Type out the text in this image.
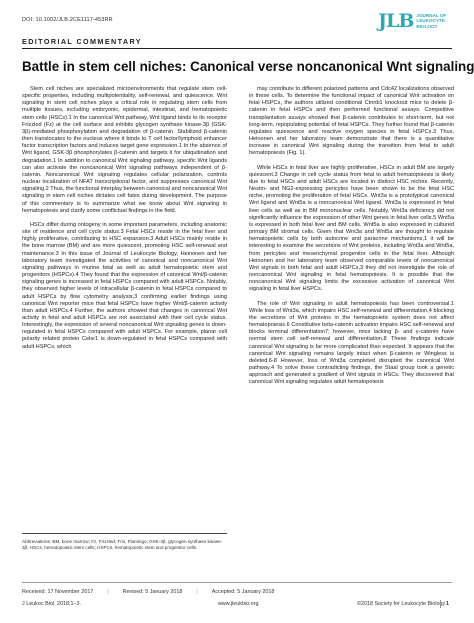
DOI: 10.1002/JLB.2CE1117-453RR	JLB JOURNAL OF
LEUKOCYTE
BIOLOGY
EDITORIAL COMMENTARY
Battle in stem cell niches: Canonical verse noncanonical Wnt signaling

Stem cell niches are specialized microenvironments that regulate stem cell-specific properties, including multipotentiality, self-renewal, and quiescence. Wnt signaling in stem cell niches plays a critical role in regulating stem cells from multiple tissues, including embryonic, epidermal, intestinal, and hematopoietic stem cells (HSCs).1 In the canonical Wnt pathway, Wnt ligand binds to its receptor Frizzled (Fz) at the cell surface and inhibits glycogen synthase kinase-3β (GSK-3β)-mediated phosphorylation and degradation of β-catenin. Stabilized β-catenin then translocates to the nucleus where it binds to T cell factor/lymphoid enhancer factor transcription factors and induces target gene expression.1 In the absence of Wnt ligand, GSK-3β phosphorylates β-catenin and targets it for ubiquitination and degradation.1 In addition to canonical Wnt signaling pathway, specific Wnt ligands can also activate the noncanonical Wnt signaling pathways independent of β-catenin. Noncanonical Wnt signaling regulates cellular polarization, controls nuclear localization of NFAT transcriptional factor, and suppresses canonical Wnt signaling.2 Thus, the functional interplay between canonical and noncanonical Wnt signaling in stem cell niches dictates cell fates during development. The purpose of this commentary is to summarize what we know about Wnt signaling in hematopoiesis and clarify some conflictual findings in the field.

HSCs differ during ontogeny in some important parameters, including anatomic site of residence and cell cycle status.3 Fetal HSCs reside in the fetal liver and highly proliferative, contributing to HSC expansion.3 Adult HSCs mainly reside in the bone marrow (BM) and are more quiescent, promoting HSC self-renewal and maintenance.3 In this issue of Journal of Leukocyte Biology, Heinonen and her laboratory team investigated the activities of canonical and noncanonical Wnt signaling pathways in murine fetal as well as adult hematopoietic stem and progenitors (HSPCs).4 They found that the expression of canonical Wnt/β-catenin signaling genes is increased in fetal HSPCs compared with adult HSPCs. Notably, they observed higher levels of intracellular β-catenin in fetal HSPCs compared to adult HSPCs by flow cytometry analysis,3 confirming earlier findings using canonical Wnt reporter mice that fetal HSPCs have higher Wnt/β-catenin activity than adult HSPCs.4 Further, the authors showed that changes in canonical Wnt activity in fetal and adult HSPCs are not associated with their cell cycle status. Interestingly, the expression of several noncanonical Wnt signaling genes is down-regulated in fetal HSPCs compared with adult HSPCs. For example, planar cell polarity related protein Celsr1 is down-regulated in fetal HSPCs compared with adult HSPCs, which

may contribute to different polarized patterns and Cdc42 localizations observed in these cells. To determine the functional impact of canonical Wnt activation on fetal HSPCs, the authors utilized conditional Ctnnb1 knockout mice to delete β-catenin in fetal HSPCs and then performed functional assays. Competitive transplantation assays showed that β-catenin contributes to short-term, but not long-term, repopulating potential of fetal HSPCs. They further found that β-catenin regulates quiescence and reactive oxygen species in fetal HSPCs.3 Thus, Heinonen and her laboratory team demonstrate that there is a quantitative increase in canonical Wnt signaling during the transition from fetal to adult hematopoiesis (Fig. 1).

While HSCs in fetal liver are highly proliferative, HSCs in adult BM are largely quiescent.3 Change in cell cycle status from fetal to adult hematopoiesis is likely due to fetal HSCs and adult HSCs are located in distinct HSC niches. Recently, Nestin- and NG2-expressing pericytes have been shown to be the fetal HSC niche, promoting the proliferation of fetal HSCs. Wnt3a is a prototypical canonical Wnt ligand and Wnt5a is a noncanonical Wnt ligand. Wnt3a is expressed in fetal liver cells as well as in BM mononuclear cells. Notably, Wnt3a deficiency did not significantly influence the expression of other Wnt genes in fetal liver cells.5 Wnt5a is expressed in both fetal liver and BM cells. Wnt5a is also expressed in cultured primary BM stromal cells. Given that Wnt3a and Wnt5a are thought to regulate hematopoietic cells by both autocrine and paracrine mechanisms,1 it will be interesting to examine the secretions of Wnt proteins, including Wnt3a and Wnt5a, from pericytes and mesenchymal progenitor cells in the fetal liver. Although Heinonen and her laboratory team observed comparable levels of noncanonical Wnt signals in both fetal and adult HSPCs,3 they did not investigate the role of noncanonical Wnt signaling in fetal hematopoiesis. It is possible that the noncanonical Wnt signaling limits the excessive activation of canonical Wnt signaling in fetal liver HSPCs.

The role of Wnt signaling in adult hematopoiesis has been controversial.1 While loss of Wnt3a, which impairs HSC self-renewal and differentiation,4 blocking the secretions of Wnt proteins in the hematopoietic system does not affect hematopoiesis.6 Constitutive beta-catenin activation impairs HSC self-renewal and blocks terminal differentiation7; however, mice lacking β- and γ-catenin have normal stem cell self-renewal and differentiation.8 These findings indicate canonical Wnt signaling is far more complicated than expected. It appears that the canonical Wnt signaling remains largely intact when β-catenin or Wingless is deleted.6-8 However, loss of Wnt3a completed disrupted the canonical Wnt pathway.4 To solve these contradicting findings, the Staal group took a genetic approach and generated a gradient of Wnt signals in HSCs. They discovered that canonical Wnt signaling regulates adult hematopoiesis

Abbreviations: BM, bone marrow; Fz, Frizzled; Fmi, Flamingo; GSK-3β, glycogen synthase kinase-3β; HSCs, hematopoietic stem cells; HSPCs, hematopoietic stem and progenitor cells.
Received: 17 November 2017	|	Revised: 5 January 2018	|	Accepted: 5 January 2018
J Leukoc Biol. 2018;1–3.	www.jleukbio.org	©2018 Society for Leukocyte Biology 1
